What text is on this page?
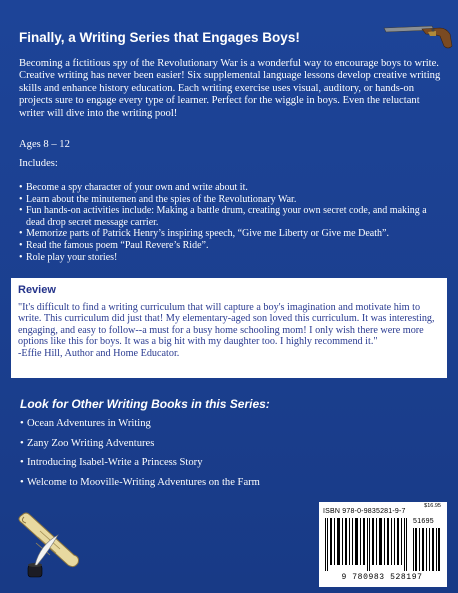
Finally, a Writing Series that Engages Boys!

Becoming a fictitious spy of the Revolutionary War is a wonderful way to encourage boys to write. Creative writing has never been easier! Six supplemental language lessons develop creative writing skills and enhance history education. Each writing exercise uses visual, auditory, or hands-on projects sure to engage every type of learner. Perfect for the wiggle in boys. Even the reluctant writer will dive into the writing pool!

Ages 8 – 12

Includes:

• Become a spy character of your own and write about it.
• Learn about the minutemen and the spies of the Revolutionary War.
• Fun hands-on activities include: Making a battle drum, creating your own secret code, and making a dead drop secret message carrier.
• Memorize parts of Patrick Henry’s inspiring speech, “Give me Liberty or Give me Death”.
• Read the famous poem “Paul Revere’s Ride”.
• Role play your stories!
Review

"It's difficult to find a writing curriculum that will capture a boy's imagination and motivate him to write. This curriculum did just that! My elementary-aged son loved this curriculum. It was interesting, engaging, and easy to follow--a must for a busy home schooling mom! I only wish there were more options like this for boys. It was a big hit with my daughter too. I highly recommend it."
-Effie Hill, Author and Home Educator.

Look for Other Writing Books in this Series:
• Ocean Adventures in Writing
• Zany Zoo Writing Adventures
• Introducing Isabel-Write a Princess Story
• Welcome to Mooville-Writing Adventures on the Farm
$16.95
ISBN 978-0-9835281-9-7
51695
9 780983 528197
